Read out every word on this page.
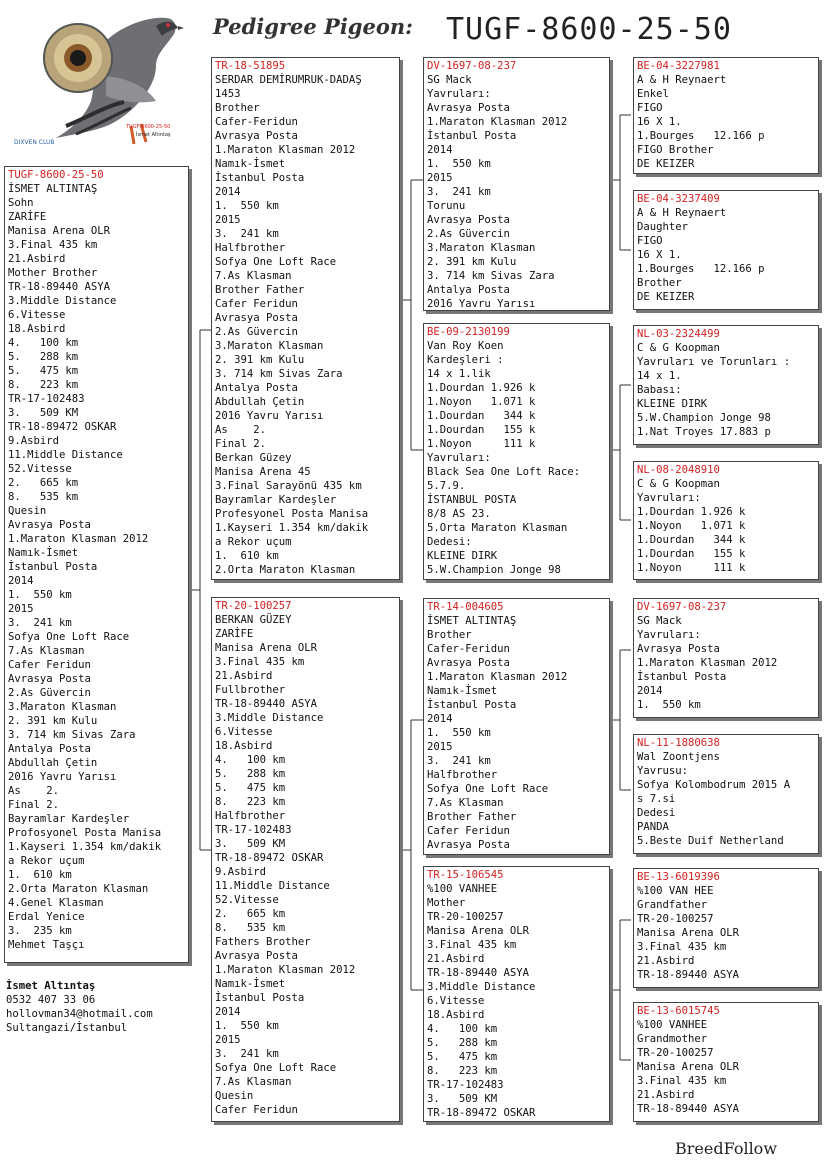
DIXVEN CLUB
TUGF-8600-25-50
İsmet Altıntaş
Pedigree Pigeon: TUGF-8600-25-50
TUGF-8600-25-50
İSMET ALTINTAŞ
Sohn
ZARİFE
Manisa Arena OLR
3.Final 435 km
21.Asbird
Mother Brother
TR-18-89440 ASYA
3.Middle Distance
6.Vitesse
18.Asbird
4.   100 km
5.   288 km
5.   475 km
8.   223 km
TR-17-102483
3.   509 KM
TR-18-89472 OSKAR
9.Asbird
11.Middle Distance
52.Vitesse
2.   665 km
8.   535 km
Quesin
Avrasya Posta
1.Maraton Klasman 2012
Namık-İsmet
İstanbul Posta
2014
1.  550 km
2015
3.  241 km
Sofya One Loft Race
7.As Klasman
Cafer Feridun
Avrasya Posta
2.As Güvercin
3.Maraton Klasman
2. 391 km Kulu
3. 714 km Sivas Zara
Antalya Posta
Abdullah Çetin
2016 Yavru Yarısı
As    2.
Final 2.
Bayramlar Kardeşler
Profosyonel Posta Manisa
1.Kayseri 1.354 km/dakik
a Rekor uçum
1.  610 km
2.Orta Maraton Klasman
4.Genel Klasman
Erdal Yenice
3.  235 km
Mehmet Taşçı
TR-18-51895
SERDAR DEMİRUMRUK-DADAŞ
1453
Brother
Cafer-Feridun
Avrasya Posta
1.Maraton Klasman 2012
Namık-İsmet
İstanbul Posta
2014
1.  550 km
2015
3.  241 km
Halfbrother
Sofya One Loft Race
7.As Klasman
Brother Father
Cafer Feridun
Avrasya Posta
2.As Güvercin
3.Maraton Klasman
2. 391 km Kulu
3. 714 km Sivas Zara
Antalya Posta
Abdullah Çetin
2016 Yavru Yarısı
As    2.
Final 2.
Berkan Güzey
Manisa Arena 45
3.Final Sarayönü 435 km
Bayramlar Kardeşler
Profesyonel Posta Manisa
1.Kayseri 1.354 km/dakik
a Rekor uçum
1.  610 km
2.Orta Maraton Klasman
TR-20-100257
BERKAN GÜZEY
ZARİFE
Manisa Arena OLR
3.Final 435 km
21.Asbird
Fullbrother
TR-18-89440 ASYA
3.Middle Distance
6.Vitesse
18.Asbird
4.   100 km
5.   288 km
5.   475 km
8.   223 km
Halfbrother
TR-17-102483
3.   509 KM
TR-18-89472 OSKAR
9.Asbird
11.Middle Distance
52.Vitesse
2.   665 km
8.   535 km
Fathers Brother
Avrasya Posta
1.Maraton Klasman 2012
Namık-İsmet
İstanbul Posta
2014
1.  550 km
2015
3.  241 km
Sofya One Loft Race
7.As Klasman
Quesin
Cafer Feridun
DV-1697-08-237
SG Mack
Yavruları:
Avrasya Posta
1.Maraton Klasman 2012
İstanbul Posta
2014
1.  550 km
2015
3.  241 km
Torunu
Avrasya Posta
2.As Güvercin
3.Maraton Klasman
2. 391 km Kulu
3. 714 km Sivas Zara
Antalya Posta
2016 Yavru Yarısı
BE-09-2130199
Van Roy Koen
Kardeşleri :
14 x 1.lik
1.Dourdan 1.926 k
1.Noyon   1.071 k
1.Dourdan   344 k
1.Dourdan   155 k
1.Noyon     111 k
Yavruları:
Black Sea One Loft Race:
5.7.9.
İSTANBUL POSTA
8/8 AS 23.
5.Orta Maraton Klasman
Dedesi:
KLEINE DIRK
5.W.Champion Jonge 98
TR-14-004605
İSMET ALTINTAŞ
Brother
Cafer-Feridun
Avrasya Posta
1.Maraton Klasman 2012
Namık-İsmet
İstanbul Posta
2014
1.  550 km
2015
3.  241 km
Halfbrother
Sofya One Loft Race
7.As Klasman
Brother Father
Cafer Feridun
Avrasya Posta
TR-15-106545
%100 VANHEE
Mother
TR-20-100257
Manisa Arena OLR
3.Final 435 km
21.Asbird
TR-18-89440 ASYA
3.Middle Distance
6.Vitesse
18.Asbird
4.   100 km
5.   288 km
5.   475 km
8.   223 km
TR-17-102483
3.   509 KM
TR-18-89472 OSKAR
BE-04-3227981
A & H Reynaert
Enkel
FIGO
16 X 1.
1.Bourges   12.166 p
FIGO Brother
DE KEIZER
BE-04-3237409
A & H Reynaert
Daughter
FIGO
16 X 1.
1.Bourges   12.166 p
Brother
DE KEIZER
NL-03-2324499
C & G Koopman
Yavruları ve Torunları :
14 x 1.
Babası:
KLEINE DIRK
5.W.Champion Jonge 98
1.Nat Troyes 17.883 p
NL-08-2048910
C & G Koopman
Yavruları:
1.Dourdan 1.926 k
1.Noyon   1.071 k
1.Dourdan   344 k
1.Dourdan   155 k
1.Noyon     111 k
DV-1697-08-237
SG Mack
Yavruları:
Avrasya Posta
1.Maraton Klasman 2012
İstanbul Posta
2014
1.  550 km
NL-11-1880638
Wal Zoontjens
Yavrusu:
Sofya Kolombodrum 2015 A
s 7.si
Dedesi
PANDA
5.Beste Duif Netherland
BE-13-6019396
%100 VAN HEE
Grandfather
TR-20-100257
Manisa Arena OLR
3.Final 435 km
21.Asbird
TR-18-89440 ASYA
BE-13-6015745
%100 VANHEE
Grandmother
TR-20-100257
Manisa Arena OLR
3.Final 435 km
21.Asbird
TR-18-89440 ASYA
İsmet Altıntaş
0532 407 33 06
hollovman34@hotmail.com
Sultangazi/İstanbul
BreedFollow
